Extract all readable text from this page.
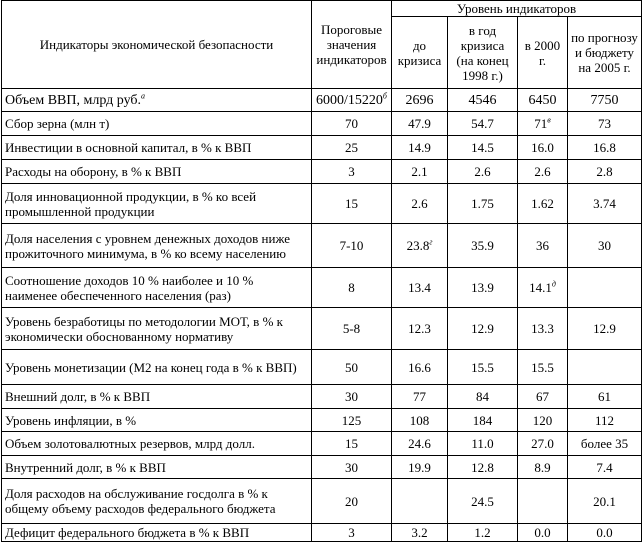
Индикаторы экономической безопасности	Пороговые значения индикаторов	Уровень индикаторов			
		до кризиса	в год кризиса (на конец 1998 г.)	в 2000 г.	по прогнозу и бюджету на 2005 г.
Объем ВВП, млрд руб.$^а$	$6000/15220^б$	2696	4546	6450	7750
Сбор зерна (млн т)	70	47.9	54.7	$71^в$	73
Инвестиции в основной капитал, в % к ВВП	25	14.9	14.5	16.0	16.8
Расходы на оборону, в % к ВВП	3	2.1	2.6	2.6	2.8
Доля инновационной продукции, в % ко всей промышленной продукции	15	2.6	1.75	1.62	3.74
Доля населения с уровнем денежных доходов ниже прожиточного минимума, в % ко всему населению	7-10	$23.8^г$	35.9	36	30
Соотношение доходов 10 % наиболее и 10 % наименее обеспеченного населения (раз)	8	13.4	13.9	$14.1^д$	
Уровень безработицы по методологии МОТ, в % к экономически обоснованному нормативу	5-8	12.3	12.9	13.3	12.9
Уровень монетизации (М2 на конец года в % к ВВП)	50	16.6	15.5	15.5	
Внешний долг, в % к ВВП	30	77	84	67	61
Уровень инфляции, в %	125	108	184	120	112
Объем золотовалютных резервов, млрд долл.	15	24.6	11.0	27.0	более 35
Внутренний долг, в % к ВВП	30	19.9	12.8	8.9	7.4
Доля расходов на обслуживание госдолга в % к общему объему расходов федерального бюджета	20		24.5		20.1
Дефицит федерального бюджета в % к ВВП	3	3.2	1.2	0.0	0.0
